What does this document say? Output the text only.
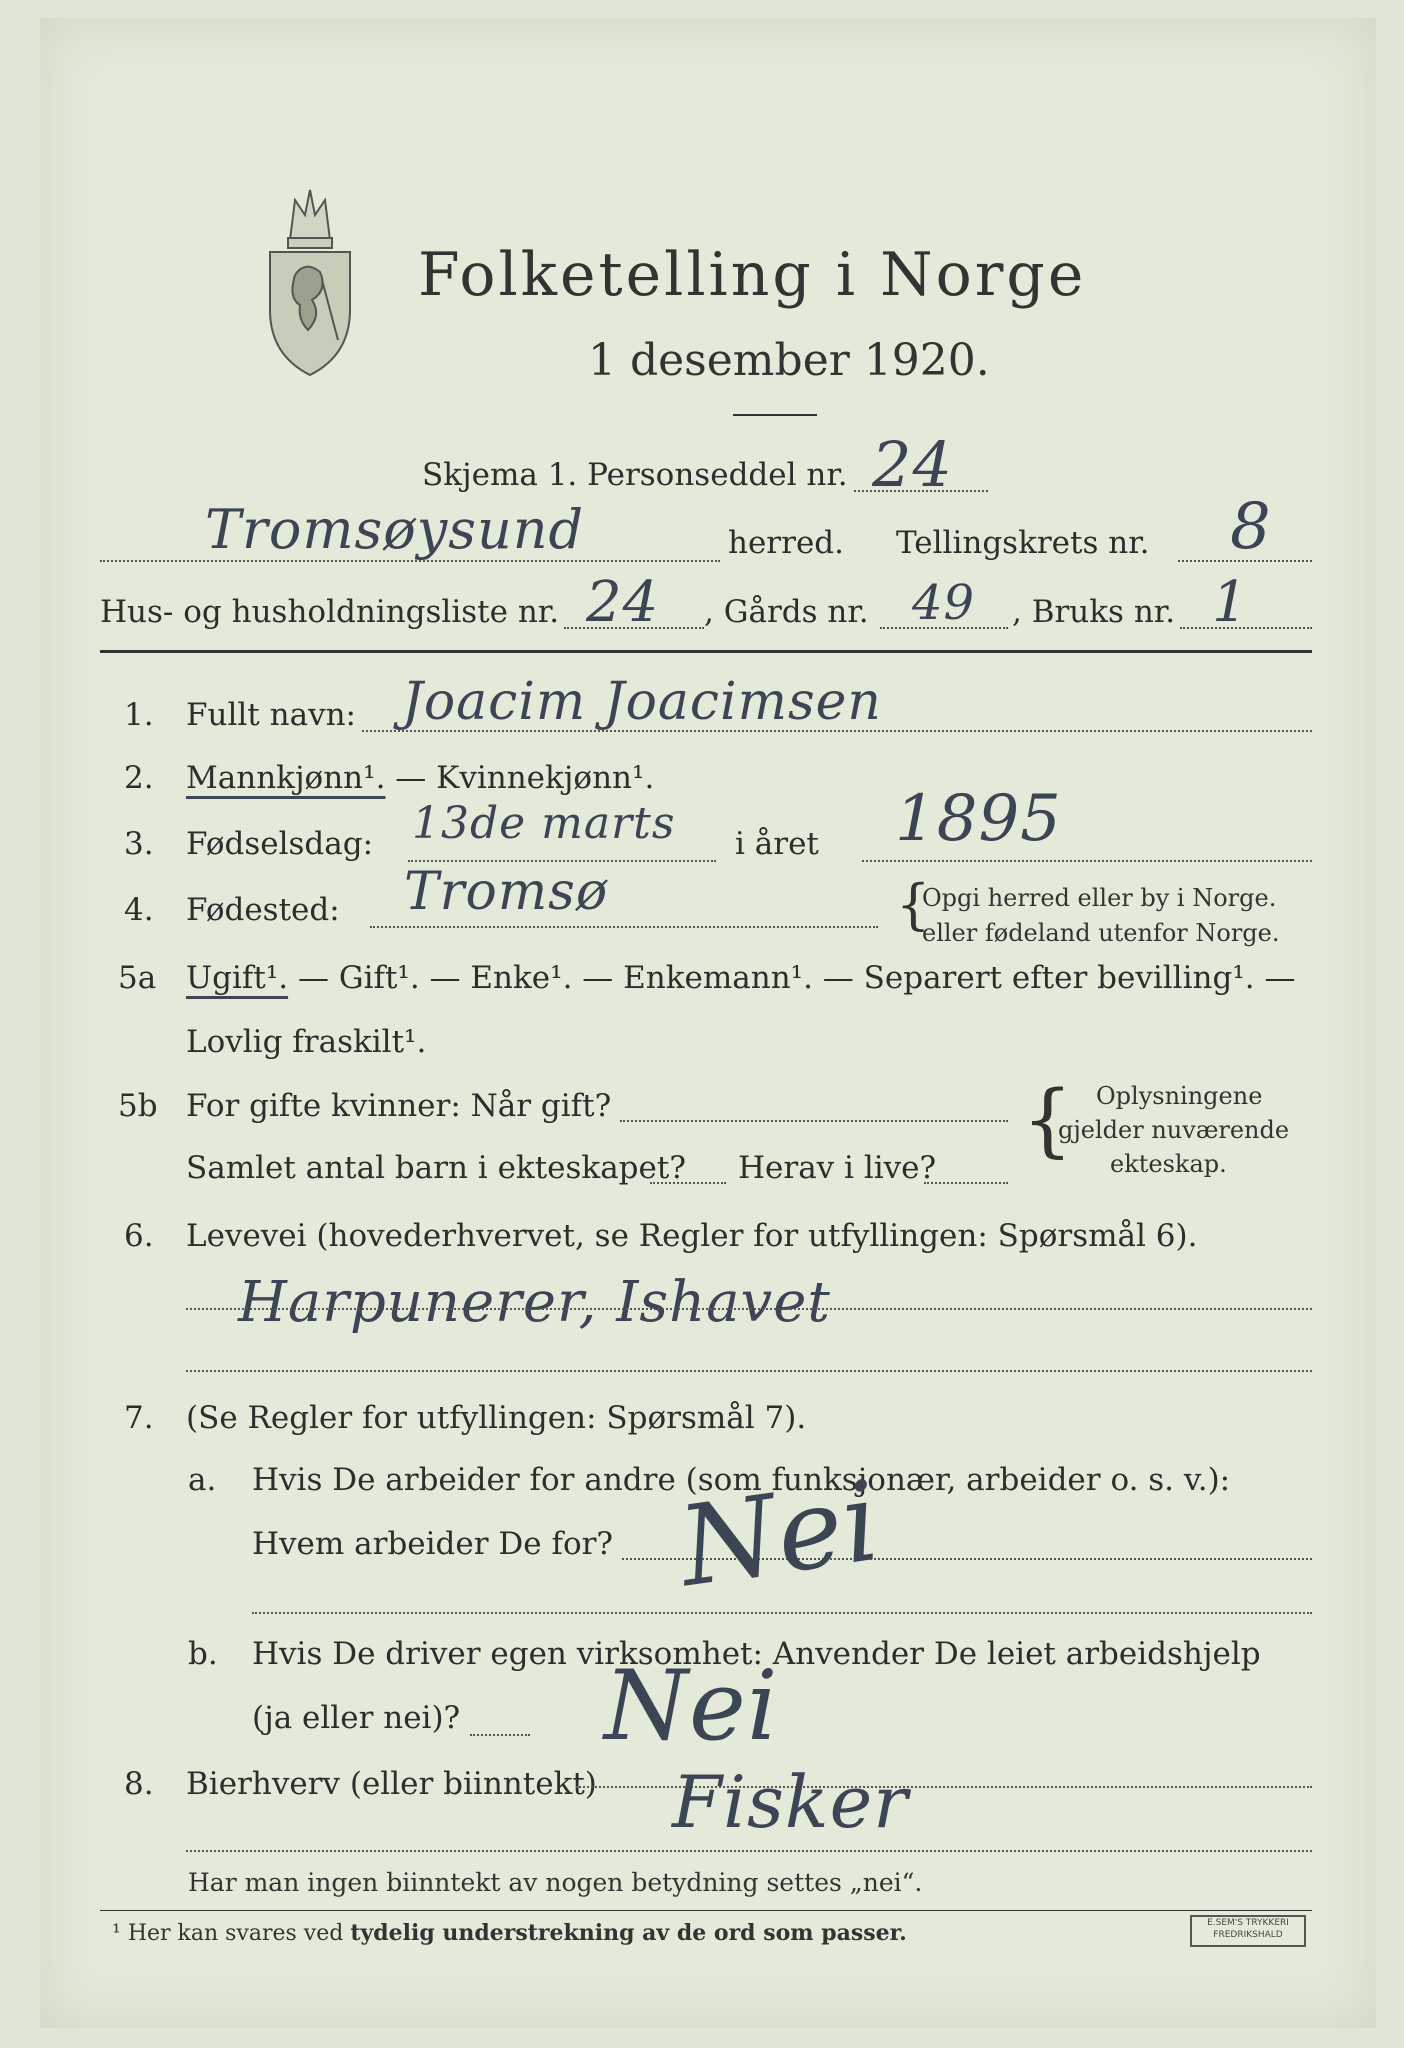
Folketelling i Norge
1 desember 1920.
Skjema 1. Personseddel nr. 24
Tromsøysund	herred. Tellingskrets nr. 8
Hus- og husholdningsliste nr. 24 , Gårds nr. 49 , Bruks nr. 1
1. Fullt navn: Joacim Joacimsen
2. Mannkjønn¹. — Kvinnekjønn¹.
3. Fødselsdag: 13de marts i året 1895
4. Fødested: Tromsø	{
Opgi herred eller by i Norge.
eller fødeland utenfor Norge.
5a Ugift¹. — Gift¹. — Enke¹. — Enkemann¹. — Separert efter bevilling¹. —
Lovlig fraskilt¹.
5b For gifte kvinner: Når gift?
Samlet antal barn i ekteskapet? Herav i live?
{ Oplysningene
gjelder nuværende
ekteskap.
6. Levevei (hovederhvervet, se Regler for utfyllingen: Spørsmål 6).
Harpunerer, Ishavet
7. (Se Regler for utfyllingen: Spørsmål 7).
a. Hvis De arbeider for andre (som funksjonær, arbeider o. s. v.):
Hvem arbeider De for? Nei
b. Hvis De driver egen virksomhet: Anvender De leiet arbeidshjelp
(ja eller nei)? Nei
8. Bierhverv (eller biinntekt) Fisker
Har man ingen biinntekt av nogen betydning settes „nei“.
¹ Her kan svares ved tydelig understrekning av de ord som passer.	E.SEM'S TRYKKERI
FREDRIKSHALD
